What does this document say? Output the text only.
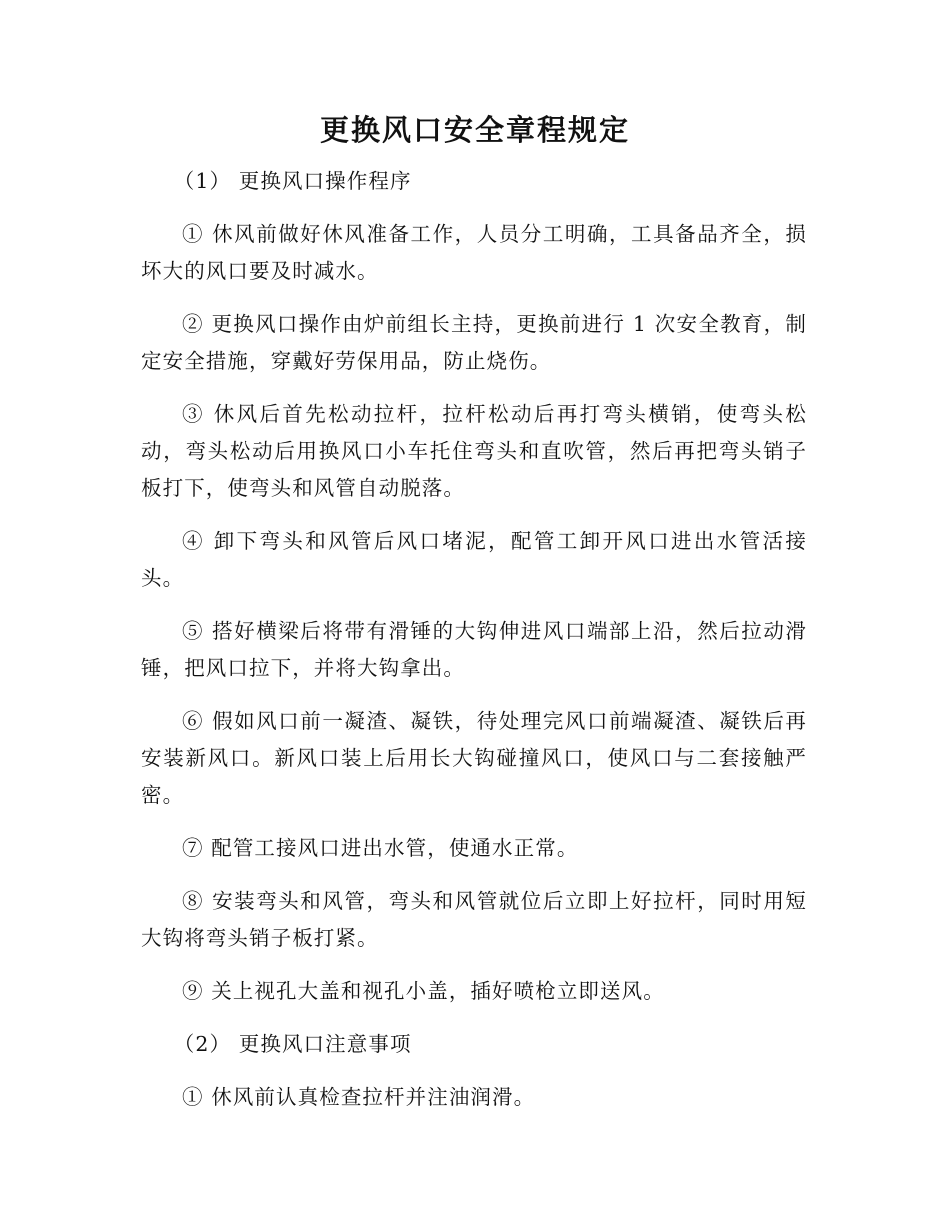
更换风口安全章程规定

（1） 更换风口操作程序

① 休风前做好休风准备工作，人员分工明确，工具备品齐全，损坏大的风口要及时减水。

② 更换风口操作由炉前组长主持，更换前进行 1 次安全教育，制定安全措施，穿戴好劳保用品，防止烧伤。

③ 休风后首先松动拉杆，拉杆松动后再打弯头横销，使弯头松动，弯头松动后用换风口小车托住弯头和直吹管，然后再把弯头销子板打下，使弯头和风管自动脱落。

④ 卸下弯头和风管后风口堵泥，配管工卸开风口进出水管活接头。

⑤ 搭好横梁后将带有滑锤的大钩伸进风口端部上沿，然后拉动滑锤，把风口拉下，并将大钩拿出。

⑥ 假如风口前一凝渣、凝铁，待处理完风口前端凝渣、凝铁后再安装新风口。新风口装上后用长大钩碰撞风口，使风口与二套接触严密。

⑦ 配管工接风口进出水管，使通水正常。

⑧ 安装弯头和风管，弯头和风管就位后立即上好拉杆，同时用短大钩将弯头销子板打紧。

⑨ 关上视孔大盖和视孔小盖，插好喷枪立即送风。

（2） 更换风口注意事项

① 休风前认真检查拉杆并注油润滑。
